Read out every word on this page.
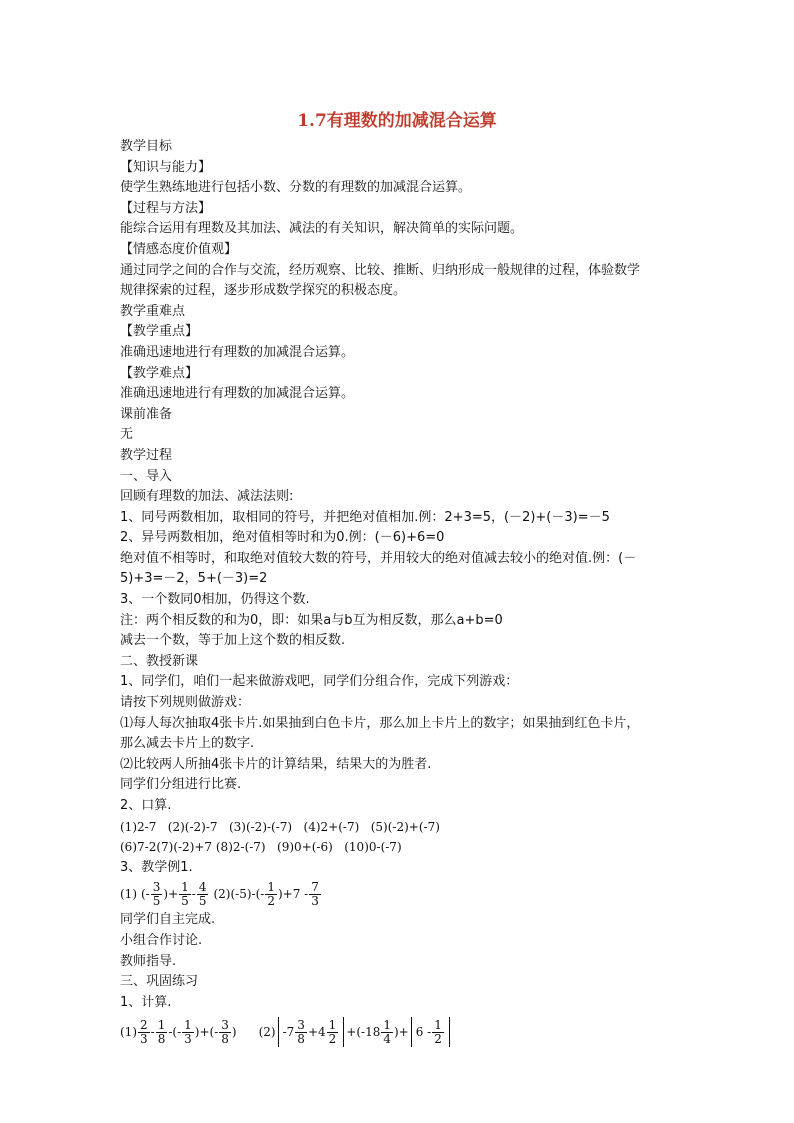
1.7有理数的加减混合运算
教学目标
【知识与能力】
使学生熟练地进行包括小数、分数的有理数的加减混合运算。
【过程与方法】
能综合运用有理数及其加法、减法的有关知识，解决简单的实际问题。
【情感态度价值观】
通过同学之间的合作与交流，经历观察、比较、推断、归纳形成一般规律的过程，体验数学
规律探索的过程，逐步形成数学探究的积极态度。
教学重难点
【教学重点】
准确迅速地进行有理数的加减混合运算。
【教学难点】
准确迅速地进行有理数的加减混合运算。
课前准备
无
教学过程
一、导入
回顾有理数的加法、减法法则:
1、同号两数相加，取相同的符号，并把绝对值相加.例：2+3=5，(－2)+(－3)=－5
2、异号两数相加，绝对值相等时和为0.例：(－6)+6=0
绝对值不相等时，和取绝对值较大数的符号，并用较大的绝对值减去较小的绝对值.例：(－
5)+3=－2，5+(－3)=2
3、一个数同0相加，仍得这个数.
注：两个相反数的和为0，即：如果a与b互为相反数，那么a+b=0
减去一个数，等于加上这个数的相反数.
二、教授新课
1、同学们，咱们一起来做游戏吧，同学们分组合作，完成下列游戏：
请按下列规则做游戏：
⑴每人每次抽取4张卡片.如果抽到白色卡片，那么加上卡片上的数字；如果抽到红色卡片，
那么减去卡片上的数字.
⑵比较两人所抽4张卡片的计算结果，结果大的为胜者.
同学们分组进行比赛.
2、口算.
(1)2-7   (2)(-2)-7   (3)(-2)-(-7)   (4)2+(-7)   (5)(-2)+(-7)
(6)7-2(7)(-2)+7 (8)2-(-7)   (9)0+(-6)   (10)0-(-7)
3、教学例1.
(1) (- $\frac{3}{5}$ )+ $\frac{1}{5} - \frac{4}{5} (2)(-5)-(- \frac{1}{2} )+7 - \frac{7}{3}$
同学们自主完成.
小组合作讨论.
教师指导.
三、巩固练习
1、计算.
$(1) \frac{2}{3} - \frac{1}{8}$ -(- $\frac{1}{3}$ )+(- $\frac{3}{8}$ ) (2) $-7 \frac{3}{8} +4 \frac{1}{2} +(-18 \frac{1}{4}$ )+ $6 - \frac{1}{2}$
